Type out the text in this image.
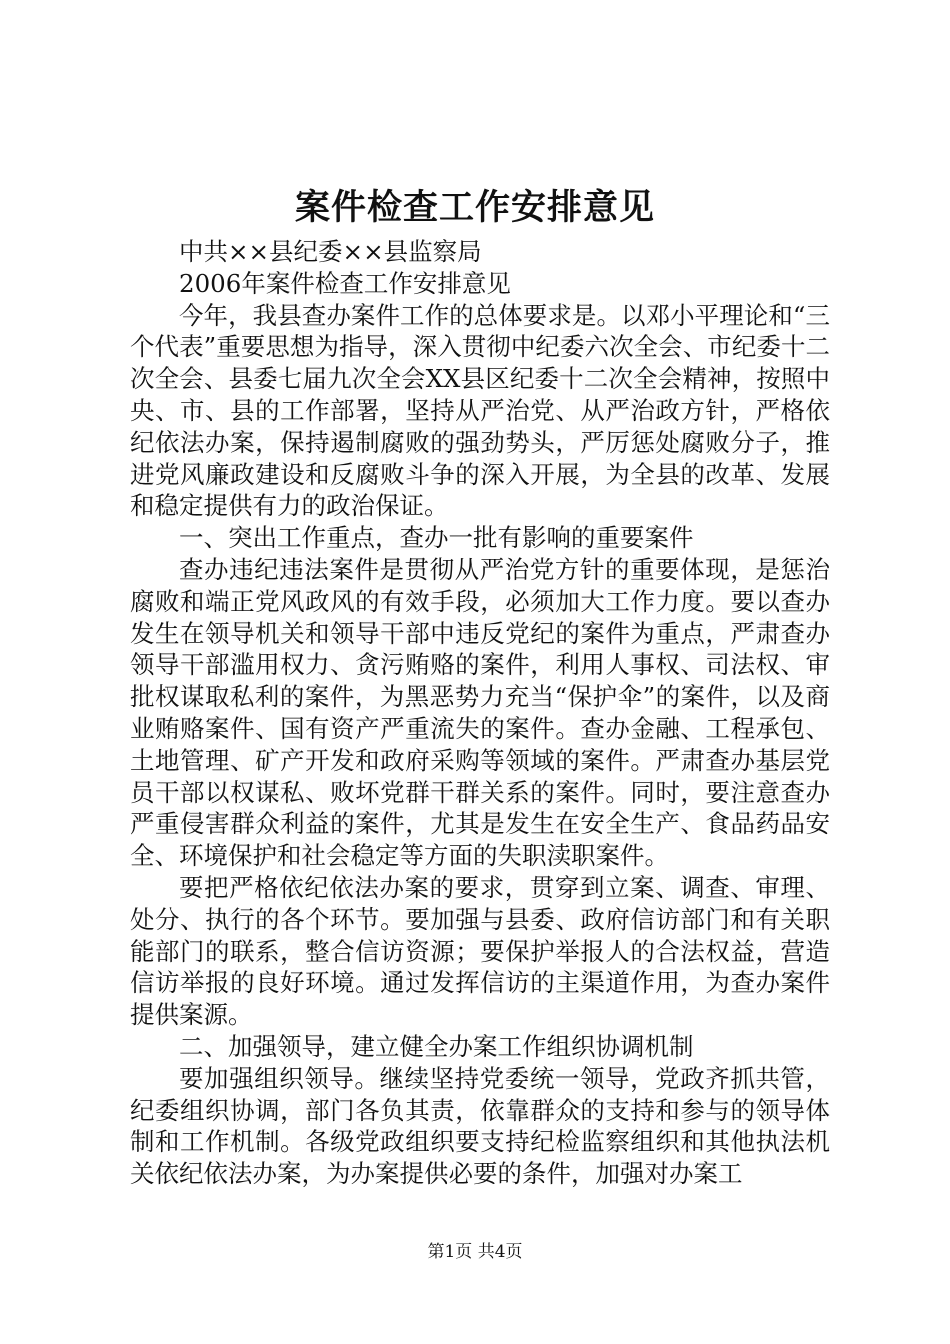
案件检查工作安排意见

中共××县纪委××县监察局

2006年案件检查工作安排意见

今年，我县查办案件工作的总体要求是。以邓小平理论和“三个代表”重要思想为指导，深入贯彻中纪委六次全会、市纪委十二次全会、县委七届九次全会XX县区纪委十二次全会精神，按照中央、市、县的工作部署，坚持从严治党、从严治政方针，严格依纪依法办案，保持遏制腐败的强劲势头，严厉惩处腐败分子，推进党风廉政建设和反腐败斗争的深入开展，为全县的改革、发展和稳定提供有力的政治保证。

一、突出工作重点，查办一批有影响的重要案件

查办违纪违法案件是贯彻从严治党方针的重要体现，是惩治腐败和端正党风政风的有效手段，必须加大工作力度。要以查办发生在领导机关和领导干部中违反党纪的案件为重点，严肃查办领导干部滥用权力、贪污贿赂的案件，利用人事权、司法权、审批权谋取私利的案件，为黑恶势力充当“保护伞”的案件，以及商业贿赂案件、国有资产严重流失的案件。查办金融、工程承包、土地管理、矿产开发和政府采购等领域的案件。严肃查办基层党员干部以权谋私、败坏党群干群关系的案件。同时，要注意查办严重侵害群众利益的案件，尤其是发生在安全生产、食品药品安全、环境保护和社会稳定等方面的失职渎职案件。

要把严格依纪依法办案的要求，贯穿到立案、调查、审理、处分、执行的各个环节。要加强与县委、政府信访部门和有关职能部门的联系，整合信访资源；要保护举报人的合法权益，营造信访举报的良好环境。通过发挥信访的主渠道作用，为查办案件提供案源。

二、加强领导，建立健全办案工作组织协调机制

要加强组织领导。继续坚持党委统一领导，党政齐抓共管，纪委组织协调，部门各负其责，依靠群众的支持和参与的领导体制和工作机制。各级党政组织要支持纪检监察组织和其他执法机关依纪依法办案，为办案提供必要的条件，加强对办案工

第1页 共4页
